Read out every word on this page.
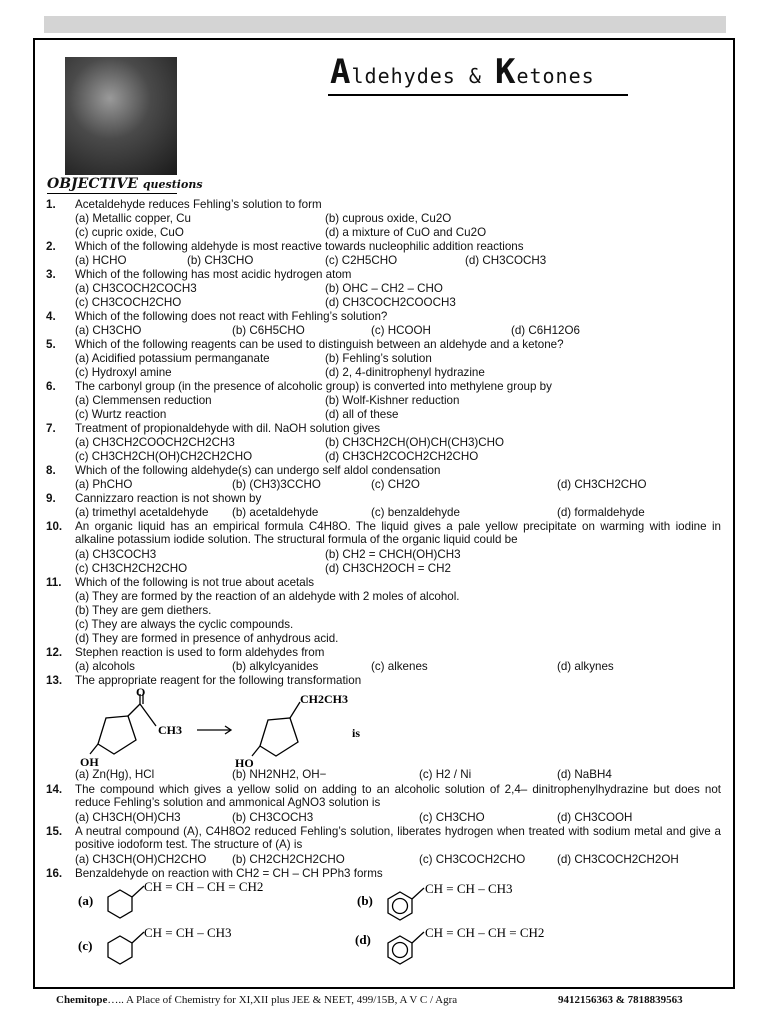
Aldehydes & Ketones
OBJECTIVE questions
1. Acetaldehyde reduces Fehling’s solution to form
(a) Metallic copper, Cu	(b) cuprous oxide, Cu2O
(c) cupric oxide, CuO	(d) a mixture of CuO and Cu2O
2. Which of the following aldehyde is most reactive towards nucleophilic addition reactions
(a) HCHO	(b) CH3CHO	(c) C2H5CHO	(d) CH3COCH3
3. Which of the following has most acidic hydrogen atom
(a) CH3COCH2COCH3	(b) OHC – CH2 – CHO
(c) CH3COCH2CHO	(d) CH3COCH2COOCH3
4. Which of the following does not react with Fehling’s solution?
(a) CH3CHO	(b) C6H5CHO	(c) HCOOH	(d) C6H12O6
5. Which of the following reagents can be used to distinguish between an aldehyde and a ketone?
(a) Acidified potassium permanganate	(b) Fehling’s solution
(c) Hydroxyl amine	(d) 2, 4-dinitrophenyl hydrazine
6. The carbonyl group (in the presence of alcoholic group) is converted into methylene group by
(a) Clemmensen reduction	(b) Wolf-Kishner reduction
(c) Wurtz reaction	(d) all of these
7. Treatment of propionaldehyde with dil. NaOH solution gives
(a) CH3CH2COOCH2CH2CH3	(b) CH3CH2CH(OH)CH(CH3)CHO
(c) CH3CH2CH(OH)CH2CH2CHO	(d) CH3CH2COCH2CH2CHO
8. Which of the following aldehyde(s) can undergo self aldol condensation
(a) PhCHO	(b) (CH3)3CCHO	(c) CH2O	(d) CH3CH2CHO
9. Cannizzaro reaction is not shown by
(a) trimethyl acetaldehyde (b) acetaldehyde	(c) benzaldehyde	(d) formaldehyde
10. An organic liquid has an empirical formula C4H8O. The liquid gives a pale yellow precipitate on warming with iodine in alkaline potassium iodide solution. The structural formula of the organic liquid could be
(a) CH3COCH3	(b) CH2 = CHCH(OH)CH3
(c) CH3CH2CH2CHO	(d) CH3CH2OCH = CH2
11. Which of the following is not true about acetals
(a) They are formed by the reaction of an aldehyde with 2 moles of alcohol.
(b) They are gem diethers.
(c) They are always the cyclic compounds.
(d) They are formed in presence of anhydrous acid.
12. Stephen reaction is used to form aldehydes from
(a) alcohols	(b) alkylcyanides	(c) alkenes	(d) alkynes
13. The appropriate reagent for the following transformation
O
CH3
OH
CH2CH3
HO
is
(a) Zn(Hg), HCl	(b) NH2NH2, OH−	(c) H2 / Ni	(d) NaBH4
14. The compound which gives a yellow solid on adding to an alcoholic solution of 2,4– dinitrophenylhydrazine but does not reduce Fehling’s solution and ammonical AgNO3 solution is
(a) CH3CH(OH)CH3	(b) CH3COCH3	(c) CH3CHO	(d) CH3COOH
15. A neutral compound (A), C4H8O2 reduced Fehling’s solution, liberates hydrogen when treated with sodium metal and give a positive iodoform test. The structure of (A) is
(a) CH3CH(OH)CH2CHO (b) CH2CH2CH2CHO	(c) CH3COCH2CHO	(d) CH3COCH2CH2OH
16. Benzaldehyde on reaction with CH2 = CH – CH PPh3 forms
(a)
CH = CH – CH = CH2
(c)
CH = CH – CH3
(b)
CH = CH – CH3
(d)	CH = CH – CH = CH2
Chemitope….. A Place of Chemistry for XI,XII plus JEE & NEET, 499/15B, A V C / Agra	9412156363 & 7818839563
